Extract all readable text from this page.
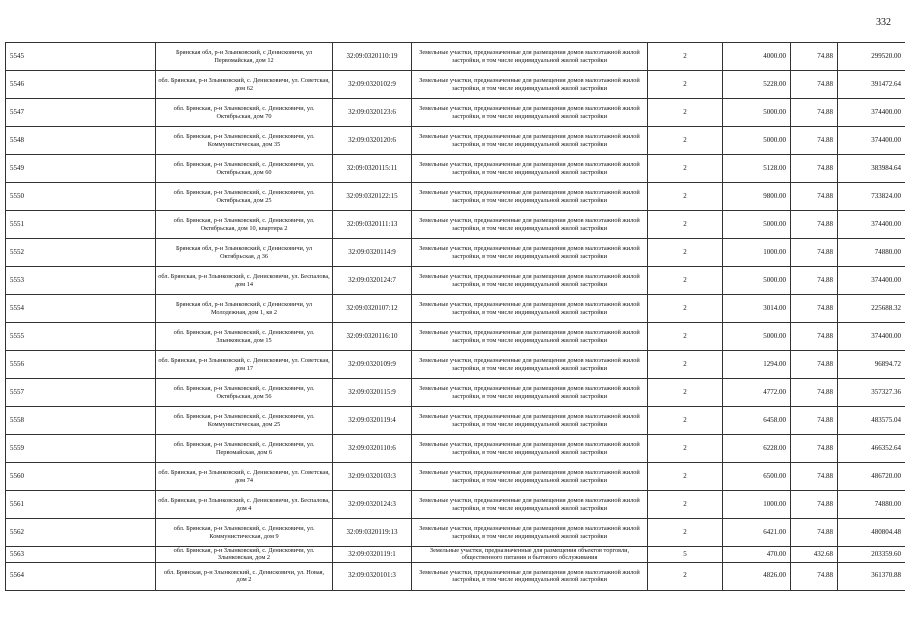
332
5545	Брянская обл, р-н Злынковский, с Денисковичи, ул Первомайская, дом 12	32:09:0320110:19	Земельные участки, предназначенные для размещения домов малоэтажной жилой застройки, в том числе индивидуальной жилой застройки	2	4000.00	74.88	299520.00
5546	обл. Брянская, р-н Злынковский, с. Денисковичи, ул. Советская, дом 62	32:09:0320102:9	Земельные участки, предназначенные для размещения домов малоэтажной жилой застройки, в том числе индивидуальной жилой застройки	2	5228.00	74.88	391472.64
5547	обл. Брянская, р-н Злынковский, с. Денисковичи, ул. Октябрьская, дом 70	32:09:0320123:6	Земельные участки, предназначенные для размещения домов малоэтажной жилой застройки, в том числе индивидуальной жилой застройки	2	5000.00	74.88	374400.00
5548	обл. Брянская, р-н Злынковский, с. Денисковичи, ул. Коммунистическая, дом 35	32:09:0320120:6	Земельные участки, предназначенные для размещения домов малоэтажной жилой застройки, в том числе индивидуальной жилой застройки	2	5000.00	74.88	374400.00
5549	обл. Брянская, р-н Злынковский, с. Денисковичи, ул. Октябрьская, дом 60	32:09:0320115:11	Земельные участки, предназначенные для размещения домов малоэтажной жилой застройки, в том числе индивидуальной жилой застройки	2	5128.00	74.88	383984.64
5550	обл. Брянская, р-н Злынковский, с. Денисковичи, ул. Октябрьская, дом 25	32:09:0320122:15	Земельные участки, предназначенные для размещения домов малоэтажной жилой застройки, в том числе индивидуальной жилой застройки	2	9800.00	74.88	733824.00
5551	обл. Брянская, р-н Злынковский, с. Денисковичи, ул. Октябрьская, дом 10, квартира 2	32:09:0320111:13	Земельные участки, предназначенные для размещения домов малоэтажной жилой застройки, в том числе индивидуальной жилой застройки	2	5000.00	74.88	374400.00
5552	Брянская обл, р-н Злынковский, с Денисковичи, ул Октябрьская, д 36	32:09:0320114:9	Земельные участки, предназначенные для размещения домов малоэтажной жилой застройки, в том числе индивидуальной жилой застройки	2	1000.00	74.88	74880.00
5553	обл. Брянская, р-н Злынковский, с. Денисковичи, ул. Беспалова, дом 14	32:09:0320124:7	Земельные участки, предназначенные для размещения домов малоэтажной жилой застройки, в том числе индивидуальной жилой застройки	2	5000.00	74.88	374400.00
5554	Брянская обл, р-н Злынковский, с Денисковичи, ул Молодежная, дом 1, кв 2	32:09:0320107:12	Земельные участки, предназначенные для размещения домов малоэтажной жилой застройки, в том числе индивидуальной жилой застройки	2	3014.00	74.88	225688.32
5555	обл. Брянская, р-н Злынковский, с. Денисковичи, ул. Злынковская, дом 15	32:09:0320116:10	Земельные участки, предназначенные для размещения домов малоэтажной жилой застройки, в том числе индивидуальной жилой застройки	2	5000.00	74.88	374400.00
5556	обл. Брянская, р-н Злынковский, с. Денисковичи, ул. Советская, дом 17	32:09:0320109:9	Земельные участки, предназначенные для размещения домов малоэтажной жилой застройки, в том числе индивидуальной жилой застройки	2	1294.00	74.88	96894.72
5557	обл. Брянская, р-н Злынковский, с. Денисковичи, ул. Октябрьская, дом 56	32:09:0320115:9	Земельные участки, предназначенные для размещения домов малоэтажной жилой застройки, в том числе индивидуальной жилой застройки	2	4772.00	74.88	357327.36
5558	обл. Брянская, р-н Злынковский, с. Денисковичи, ул. Коммунистическая, дом 25	32:09:0320119:4	Земельные участки, предназначенные для размещения домов малоэтажной жилой застройки, в том числе индивидуальной жилой застройки	2	6458.00	74.88	483575.04
5559	обл. Брянская, р-н Злынковский, с. Денисковичи, ул. Первомайская, дом 6	32:09:0320110:6	Земельные участки, предназначенные для размещения домов малоэтажной жилой застройки, в том числе индивидуальной жилой застройки	2	6228.00	74.88	466352.64
5560	обл. Брянская, р-н Злынковский, с. Денисковичи, ул. Советская, дом 74	32:09:0320103:3	Земельные участки, предназначенные для размещения домов малоэтажной жилой застройки, в том числе индивидуальной жилой застройки	2	6500.00	74.88	486720.00
5561	обл. Брянская, р-н Злынковский, с. Денисковичи, ул. Беспалова, дом 4	32:09:0320124:3	Земельные участки, предназначенные для размещения домов малоэтажной жилой застройки, в том числе индивидуальной жилой застройки	2	1000.00	74.88	74880.00
5562	обл. Брянская, р-н Злынковский, с. Денисковичи, ул. Коммунистическая, дом 9	32:09:0320119:13	Земельные участки, предназначенные для размещения домов малоэтажной жилой застройки, в том числе индивидуальной жилой застройки	2	6421.00	74.88	480804.48
5563	обл. Брянская, р-н Злынковский, с. Денисковичи, ул. Злынковская, дом 2	32:09:0320119:1	Земельные участки, предназначенные для размещения объектов торговли, общественного питания и бытового обслуживания	5	470.00	432.68	203359.60
5564	обл. Брянская, р-н Злынковский, с. Денисковичи, ул. Новая, дом 2	32:09:0320101:3	Земельные участки, предназначенные для размещения домов малоэтажной жилой застройки, в том числе индивидуальной жилой застройки	2	4826.00	74.88	361370.88
